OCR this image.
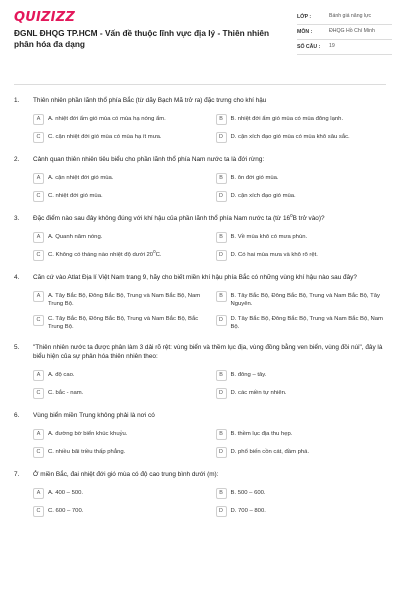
QUIZIZZ
ĐGNL ĐHQG TP.HCM - Vấn đề thuộc lĩnh vực địa lý - Thiên nhiên phân hóa đa dạng
LỚP :	Bánh giá năng lực
MÔN :	ĐHQG Hồ Chí Minh
SỐ CÂU :	19
1.	Thiên nhiên phần lãnh thổ phía Bắc (từ dãy Bạch Mã trở ra) đặc trưng cho khí hậu
A	A. nhiệt đới ẩm gió mùa có mùa hạ nóng ẩm.	B	B. nhiệt đới ẩm gió mùa có mùa đông lạnh.
C	C. cận nhiệt đới gió mùa có mùa hạ ít mưa.	D	D. cận xích đạo gió mùa có mùa khô sâu sắc.
2.	Cảnh quan thiên nhiên tiêu biểu cho phần lãnh thổ phía Nam nước ta là đới rừng:
A	A. cận nhiệt đới gió mùa.	B	B. ôn đới gió mùa.
C	C. nhiệt đới gió mùa.	D	D. cận xích đạo gió mùa.
3.	Đặc điểm nào sau đây không đúng với khí hậu của phần lãnh thổ phía Nam nước ta (từ $16^0B$ trở vào)?
A	A. Quanh năm nóng.	B	B. Về mùa khô có mưa phùn.
C	C. Không có tháng nào nhiệt độ dưới $20^0C$.	D	D. Có hai mùa mưa và khô rõ rệt.
4.	Căn cứ vào Atlat Địa lí Việt Nam trang 9, hãy cho biết miền khí hậu phía Bắc có những vùng khí hậu nào sau đây?
A	A. Tây Bắc Bộ, Đông Bắc Bộ, Trung và Nam Bắc Bộ, Nam Trung Bộ.
B	B. Tây Bắc Bộ, Đông Bắc Bộ, Trung và Nam Bắc Bộ, Tây Nguyên.
C	C. Tây Bắc Bộ, Đông Bắc Bộ, Trung và Nam Bắc Bộ, Bắc Trung Bộ.
D	D. Tây Bắc Bộ, Đông Bắc Bộ, Trung và Nam Bắc Bộ, Nam Bộ.
5.	"Thiên nhiên nước ta được phân làm 3 dải rõ rệt: vùng biển và thềm lục địa, vùng đồng bằng ven biển, vùng đồi núi", đây là biểu hiện của sự phân hóa thiên nhiên theo:
A	A. độ cao.	B	B. đông – tây.
C	C. bắc - nam.	D	D. các miền tự nhiên.
6.	Vùng biển miền Trung không phải là nơi có
A	A. đường bờ biển khúc khuỷu.	B	B. thềm lục địa thu hẹp.
C	C. nhiều bãi triều thấp phẳng.	D	D. phổ biến cồn cát, đầm phá.
7.	Ở miền Bắc, đai nhiệt đới gió mùa có độ cao trung bình dưới (m):
A	A. 400 – 500.	B	B. 500 – 600.
C	C. 600 – 700.	D	D. 700 – 800.
